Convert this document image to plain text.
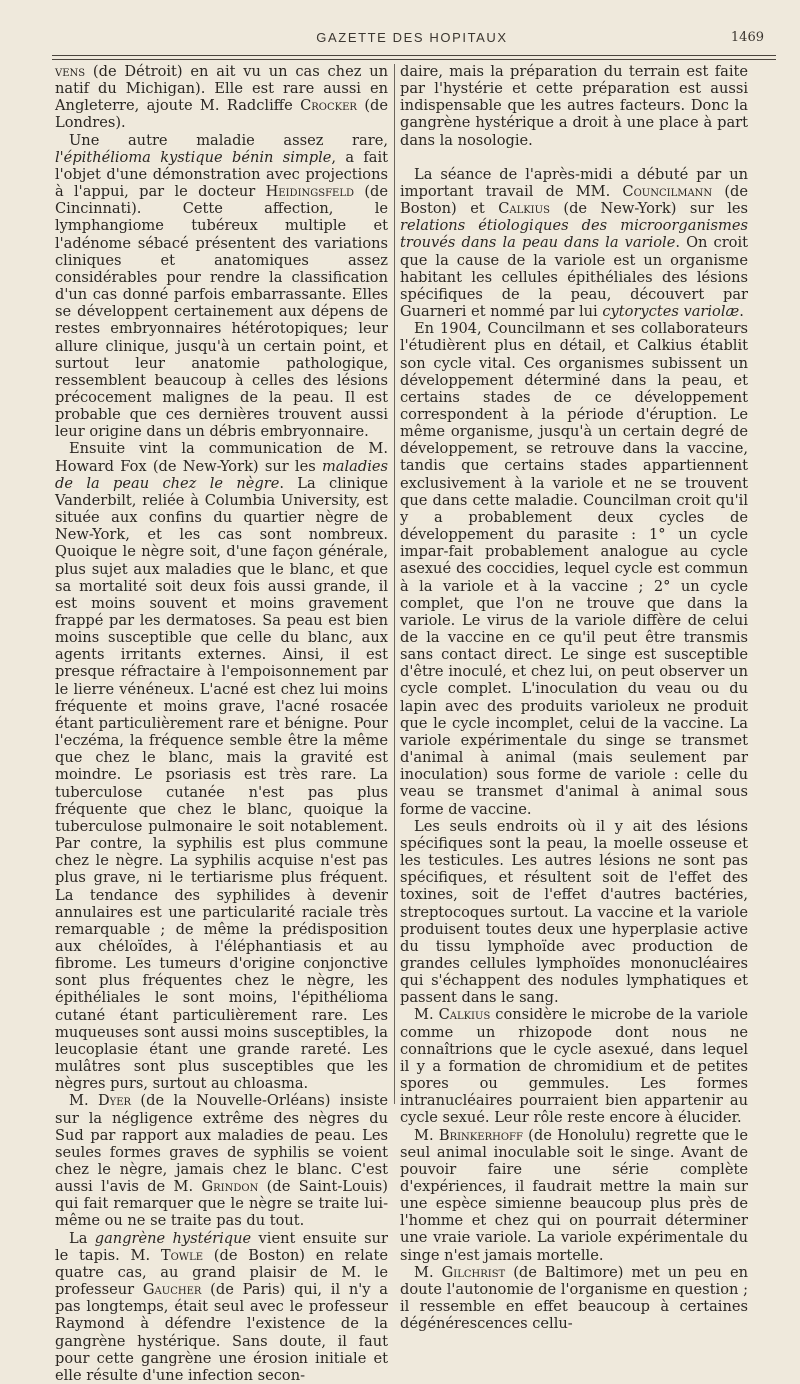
GAZETTE DES HOPITAUX	1469

vens (de Détroit) en ait vu un cas chez un natif du Michigan). Elle est rare aussi en Angleterre, ajoute M. Radcliffe Crocker (de Londres).

Une autre maladie assez rare, l'épithélioma kystique bénin simple, a fait l'objet d'une démonstration avec projections à l'appui, par le docteur Heidingsfeld (de Cincinnati). Cette affection, le lymphangiome tubéreux multiple et l'adénome sébacé présentent des variations cliniques et anatomiques assez considérables pour rendre la classification d'un cas donné parfois embarrassante. Elles se développent certainement aux dépens de restes embryonnaires hétérotopiques; leur allure clinique, jusqu'à un certain point, et surtout leur anatomie pathologique, ressemblent beaucoup à celles des lésions précocement malignes de la peau. Il est probable que ces dernières trouvent aussi leur origine dans un débris embryonnaire.

Ensuite vint la communication de M. Howard Fox (de New-York) sur les maladies de la peau chez le nègre. La clinique Vanderbilt, reliée à Columbia University, est située aux confins du quartier nègre de New-York, et les cas sont nombreux. Quoique le nègre soit, d'une façon générale, plus sujet aux maladies que le blanc, et que sa mortalité soit deux fois aussi grande, il est moins souvent et moins gravement frappé par les dermatoses. Sa peau est bien moins susceptible que celle du blanc, aux agents irritants externes. Ainsi, il est presque réfractaire à l'empoisonnement par le lierre vénéneux. L'acné est chez lui moins fréquente et moins grave, l'acné rosacée étant particulièrement rare et bénigne. Pour l'eczéma, la fréquence semble être la même que chez le blanc, mais la gravité est moindre. Le psoriasis est très rare. La tuberculose cutanée n'est pas plus fréquente que chez le blanc, quoique la tuberculose pulmonaire le soit notablement. Par contre, la syphilis est plus commune chez le nègre. La syphilis acquise n'est pas plus grave, ni le tertiarisme plus fréquent. La tendance des syphilides à devenir annulaires est une particularité raciale très remarquable ; de même la prédisposition aux chéloïdes, à l'éléphantiasis et au fibrome. Les tumeurs d'origine conjonctive sont plus fréquentes chez le nègre, les épithéliales le sont moins, l'épithélioma cutané étant particulièrement rare. Les muqueuses sont aussi moins susceptibles, la leucoplasie étant une grande rareté. Les mulâtres sont plus susceptibles que les nègres purs, surtout au chloasma.

M. Dyer (de la Nouvelle-Orléans) insiste sur la négligence extrême des nègres du Sud par rapport aux maladies de peau. Les seules formes graves de syphilis se voient chez le nègre, jamais chez le blanc. C'est aussi l'avis de M. Grindon (de Saint-Louis) qui fait remarquer que le nègre se traite lui-même ou ne se traite pas du tout.

La gangrène hystérique vient ensuite sur le tapis. M. Towle (de Boston) en relate quatre cas, au grand plaisir de M. le professeur Gaucher (de Paris) qui, il n'y a pas longtemps, était seul avec le professeur Raymond à défendre l'existence de la gangrène hystérique. Sans doute, il faut pour cette gangrène une érosion initiale et elle résulte d'une infection secon-

daire, mais la préparation du terrain est faite par l'hystérie et cette préparation est aussi indispensable que les autres facteurs. Donc la gangrène hystérique a droit à une place à part dans la nosologie.

La séance de l'après-midi a débuté par un important travail de MM. Councilmann (de Boston) et Calkius (de New-York) sur les relations étiologiques des microorganismes trouvés dans la peau dans la variole. On croit que la cause de la variole est un organisme habitant les cellules épithéliales des lésions spécifiques de la peau, découvert par Guarneri et nommé par lui cytoryctes variolæ.

En 1904, Councilmann et ses collaborateurs l'étudièrent plus en détail, et Calkius établit son cycle vital. Ces organismes subissent un développement déterminé dans la peau, et certains stades de ce développement correspondent à la période d'éruption. Le même organisme, jusqu'à un certain degré de développement, se retrouve dans la vaccine, tandis que certains stades appartiennent exclusivement à la variole et ne se trouvent que dans cette maladie. Councilman croit qu'il y a probablement deux cycles de développement du parasite : 1° un cycle impar-fait probablement analogue au cycle asexué des coccidies, lequel cycle est commun à la variole et à la vaccine ; 2° un cycle complet, que l'on ne trouve que dans la variole. Le virus de la variole diffère de celui de la vaccine en ce qu'il peut être transmis sans contact direct. Le singe est susceptible d'être inoculé, et chez lui, on peut observer un cycle complet. L'inoculation du veau ou du lapin avec des produits varioleux ne produit que le cycle incomplet, celui de la vaccine. La variole expérimentale du singe se transmet d'animal à animal (mais seulement par inoculation) sous forme de variole : celle du veau se transmet d'animal à animal sous forme de vaccine.

Les seuls endroits où il y ait des lésions spécifiques sont la peau, la moelle osseuse et les testicules. Les autres lésions ne sont pas spécifiques, et résultent soit de l'effet des toxines, soit de l'effet d'autres bactéries, streptocoques surtout. La vaccine et la variole produisent toutes deux une hyperplasie active du tissu lymphoïde avec production de grandes cellules lymphoïdes mononucléaires qui s'échappent des nodules lymphatiques et passent dans le sang.

M. Calkius considère le microbe de la variole comme un rhizopode dont nous ne connaîtrions que le cycle asexué, dans lequel il y a formation de chromidium et de petites spores ou gemmules. Les formes intranucléaires pourraient bien appartenir au cycle sexué. Leur rôle reste encore à élucider.

M. Brinkerhoff (de Honolulu) regrette que le seul animal inoculable soit le singe. Avant de pouvoir faire une série complète d'expériences, il faudrait mettre la main sur une espèce simienne beaucoup plus près de l'homme et chez qui on pourrait déterminer une vraie variole. La variole expérimentale du singe n'est jamais mortelle.

M. Gilchrist (de Baltimore) met un peu en doute l'autonomie de l'organisme en question ; il ressemble en effet beaucoup à certaines dégénérescences cellu-
